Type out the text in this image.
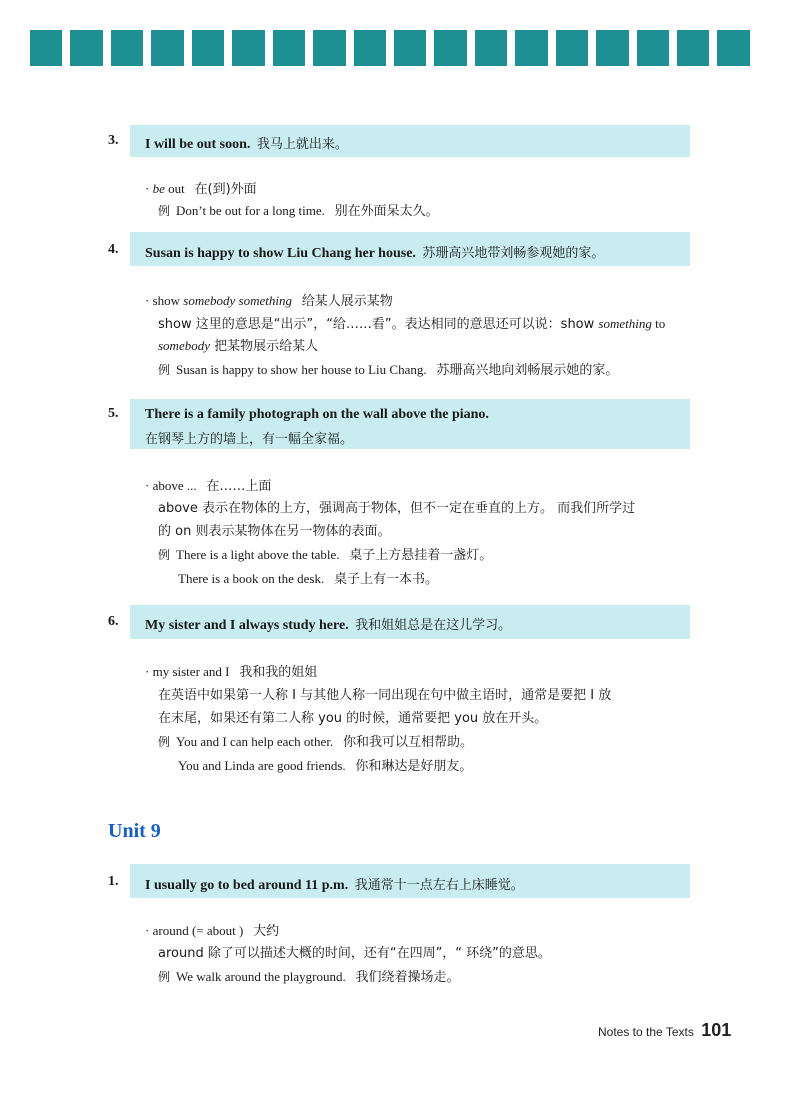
3. I will be out soon. 我马上就出来。
· be out 在(到)外面
例 Don’t be out for a long time. 别在外面呆太久。
4. Susan is happy to show Liu Chang her house. 苏珊高兴地带刘畅参观她的家。
· show somebody something 给某人展示某物
show 这里的意思是“出示”，“给……看”。表达相同的意思还可以说：show something to
somebody 把某物展示给某人
例 Susan is happy to show her house to Liu Chang. 苏珊高兴地向刘畅展示她的家。
5. There is a family photograph on the wall above the piano.
在钢琴上方的墙上，有一幅全家福。
· above ... 在……上面
above 表示在物体的上方，强调高于物体，但不一定在垂直的上方。 而我们所学过
的 on 则表示某物体在另一物体的表面。
例 There is a light above the table. 桌子上方悬挂着一盏灯。
There is a book on the desk. 桌子上有一本书。
6. My sister and I always study here. 我和姐姐总是在这儿学习。
· my sister and I 我和我的姐姐
在英语中如果第一人称 I 与其他人称一同出现在句中做主语时，通常是要把 I 放
在末尾，如果还有第二人称 you 的时候，通常要把 you 放在开头。
例 You and I can help each other. 你和我可以互相帮助。
You and Linda are good friends. 你和琳达是好朋友。
Unit 9
1. I usually go to bed around 11 p.m. 我通常十一点左右上床睡觉。
· around (= about ) 大约
around 除了可以描述大概的时间，还有“在四周”，“ 环绕”的意思。
例 We walk around the playground. 我们绕着操场走。
Notes to the Texts 101
